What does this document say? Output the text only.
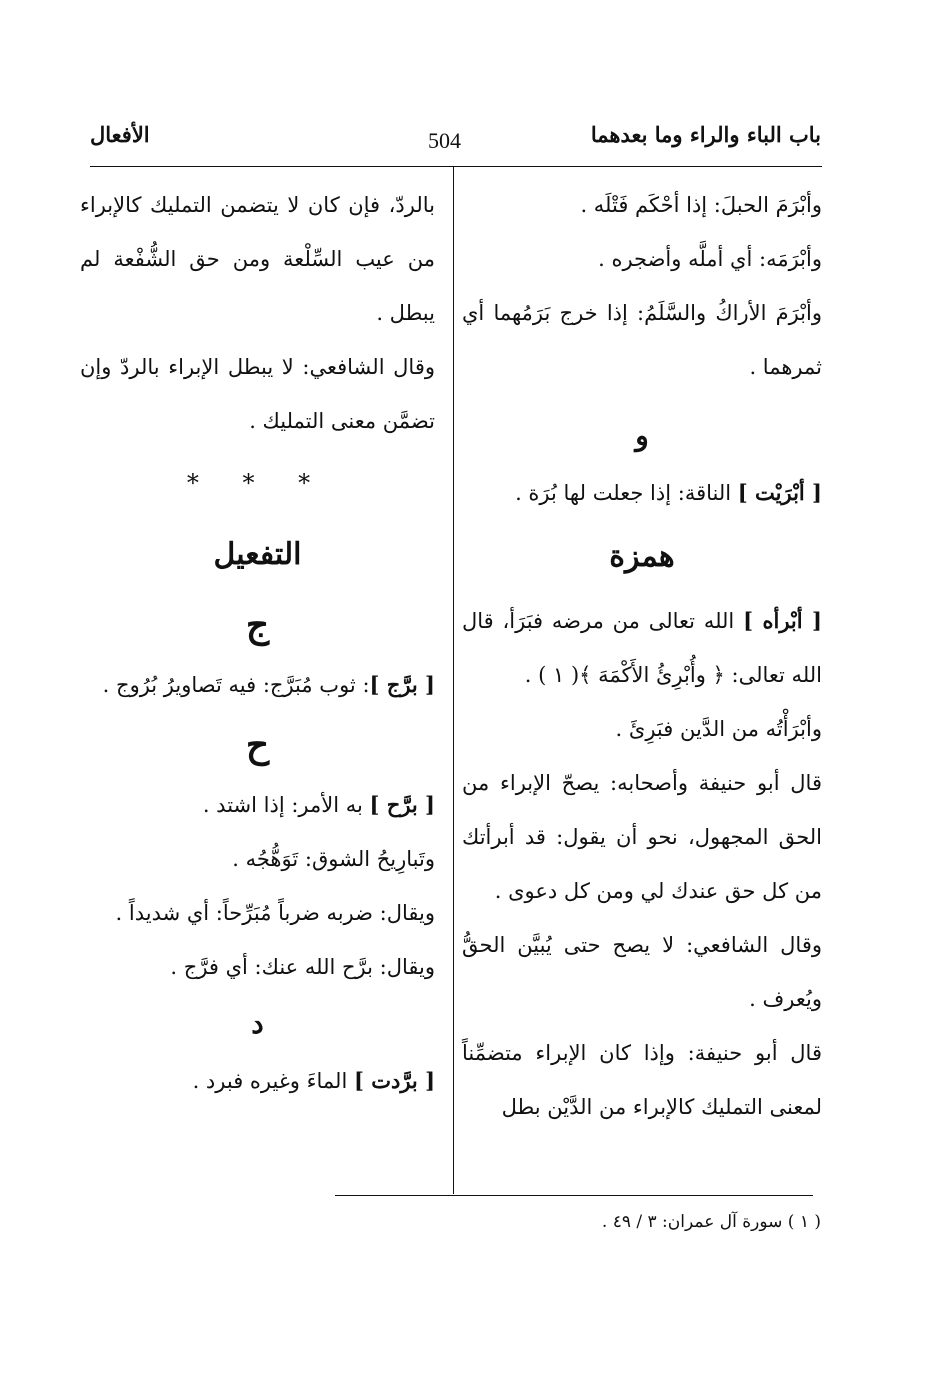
باب الباء والراء وما بعدهما
504
الأفعال

وأبْرَمَ الحبلَ: إذا أحْكَم فَتْلَه .

وأبْرَمَه: أي أملَّه وأضجره .

وأبْرَمَ الأراكُ والسَّلَمُ: إذا خرج بَرَمُهما أي ثمرهما .

و

[ أبْرَيْت ] الناقة: إذا جعلت لها بُرَة .

همزة

[ أبْرأه ] الله تعالى من مرضه فبَرَأ، قال الله تعالى: ﴿ وأُبْرِئُ الأَكْمَهَ ﴾( ١ ) .

وأبْرَأْتُه من الدَّين فبَرِئَ .

قال أبو حنيفة وأصحابه: يصحّ الإبراء من الحق المجهول، نحو أن يقول: قد أبرأتك من كل حق عندك لي ومن كل دعوى .

وقال الشافعي: لا يصح حتى يُبيَّن الحقُّ ويُعرف .

قال أبو حنيفة: وإذا كان الإبراء متضمِّناً لمعنى التمليك كالإبراء من الدَّيْن بطل

بالردّ، فإن كان لا يتضمن التمليك كالإبراء من عيب السِّلْعة ومن حق الشُّفْعة لم يبطل .

وقال الشافعي: لا يبطل الإبراء بالردّ وإن تضمَّن معنى التمليك .

* * *
التفعيل
ج

[ برَّج ]: ثوب مُبَرَّج: فيه تَصاويرُ بُرُوج .

ح

[ برَّح ] به الأمر: إذا اشتد .

وتَبارِيحُ الشوق: تَوَهُّجُه .

ويقال: ضربه ضرباً مُبَرِّحاً: أي شديداً .

ويقال: برَّح الله عنك: أي فرَّج .

د

[ برَّدت ] الماءَ وغيره فبرد .

( ١ ) سورة آل عمران: ٣ / ٤٩ .
